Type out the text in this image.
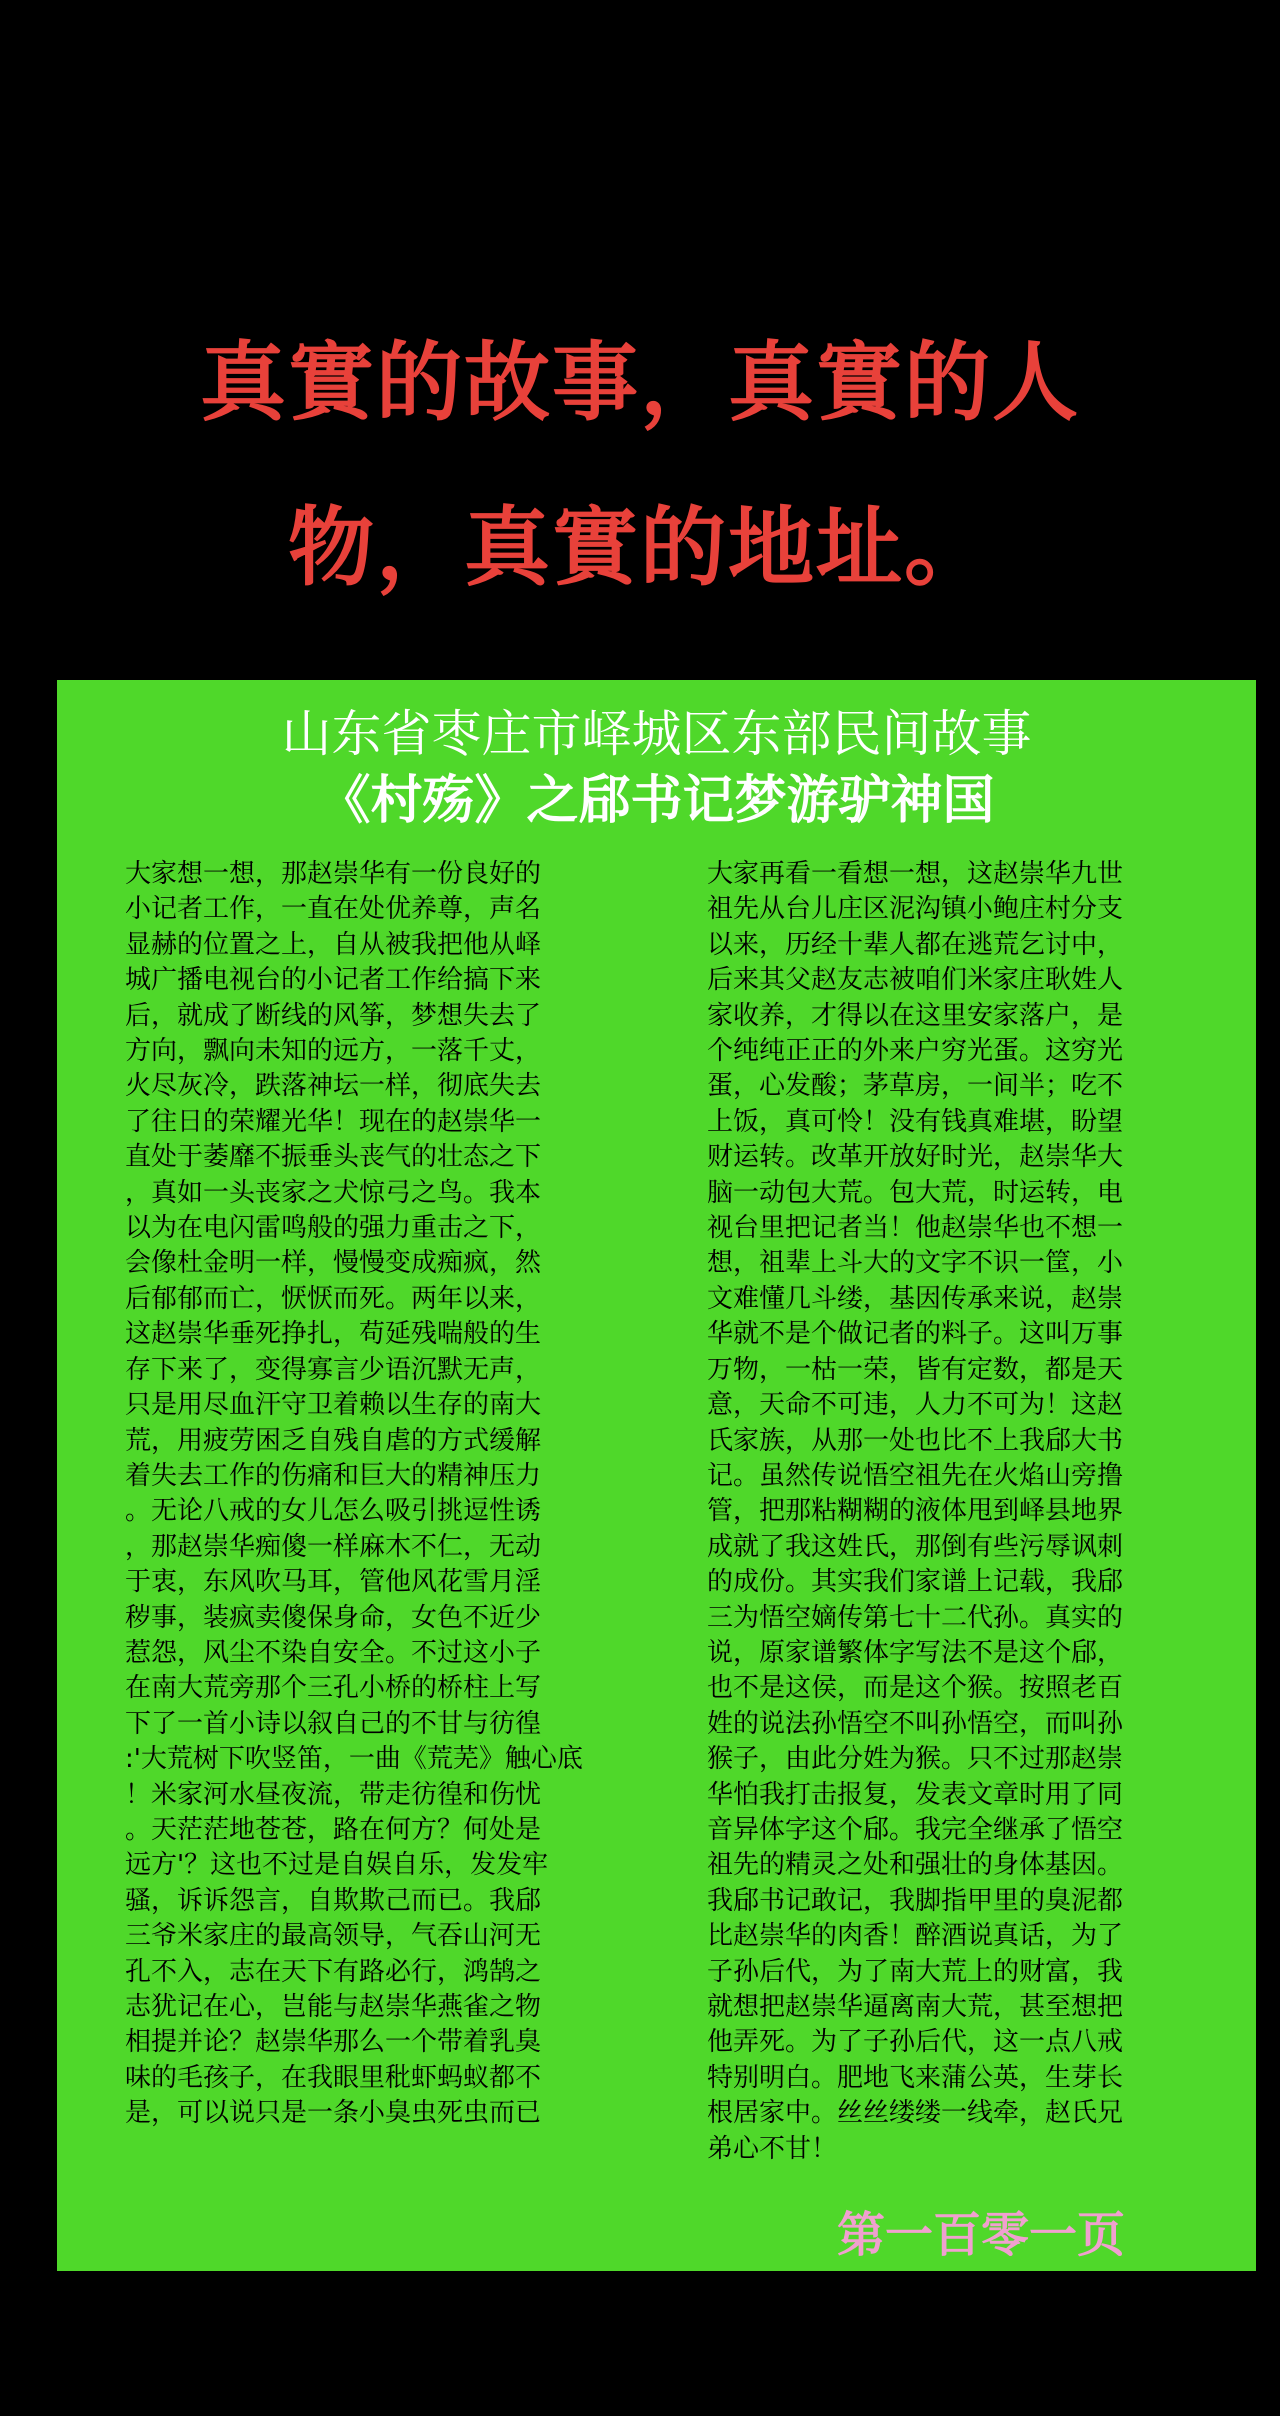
真實的故事，真實的人
物，真實的地址。
山东省枣庄市峄城区东部民间故事
《村殇》之郈书记梦游驴神国
大家想一想，那赵崇华有一份良好的
小记者工作，一直在处优养尊，声名
显赫的位置之上，自从被我把他从峄
城广播电视台的小记者工作给搞下来
后，就成了断线的风筝，梦想失去了
方向，飘向未知的远方，一落千丈，
火尽灰冷，跌落神坛一样，彻底失去
了往日的荣耀光华！现在的赵崇华一
直处于萎靡不振垂头丧气的壮态之下
，真如一头丧家之犬惊弓之鸟。我本
以为在电闪雷鸣般的强力重击之下，
会像杜金明一样，慢慢变成痴疯，然
后郁郁而亡，恹恹而死。两年以来，
这赵崇华垂死挣扎，苟延残喘般的生
存下来了，变得寡言少语沉默无声，
只是用尽血汗守卫着赖以生存的南大
荒，用疲劳困乏自残自虐的方式缓解
着失去工作的伤痛和巨大的精神压力
。无论八戒的女儿怎么吸引挑逗性诱
，那赵崇华痴傻一样麻木不仁，无动
于衷，东风吹马耳，管他风花雪月淫
秽事，装疯卖傻保身命，女色不近少
惹怨，风尘不染自安全。不过这小子
在南大荒旁那个三孔小桥的桥柱上写
下了一首小诗以叙自己的不甘与彷徨
:'大荒树下吹竖笛，一曲《荒芜》触心底
！米家河水昼夜流，带走彷徨和伤忧
。天茫茫地苍苍，路在何方？何处是
远方'？这也不过是自娱自乐，发发牢
骚，诉诉怨言，自欺欺己而已。我郈
三爷米家庄的最高领导，气吞山河无
孔不入，志在天下有路必行，鸿鹄之
志犹记在心，岂能与赵崇华燕雀之物
相提并论？赵崇华那么一个带着乳臭
味的毛孩子，在我眼里秕虾蚂蚁都不
是，可以说只是一条小臭虫死虫而已
大家再看一看想一想，这赵崇华九世
祖先从台儿庄区泥沟镇小鲍庄村分支
以来，历经十辈人都在逃荒乞讨中，
后来其父赵友志被咱们米家庄耿姓人
家收养，才得以在这里安家落户，是
个纯纯正正的外来户穷光蛋。这穷光
蛋，心发酸；茅草房，一间半；吃不
上饭，真可怜！没有钱真难堪，盼望
财运转。改革开放好时光，赵崇华大
脑一动包大荒。包大荒，时运转，电
视台里把记者当！他赵崇华也不想一
想，祖辈上斗大的文字不识一筐，小
文难懂几斗缕，基因传承来说，赵崇
华就不是个做记者的料子。这叫万事
万物，一枯一荣，皆有定数，都是天
意，天命不可违，人力不可为！这赵
氏家族，从那一处也比不上我郈大书
记。虽然传说悟空祖先在火焰山旁撸
管，把那粘糊糊的液体甩到峄县地界
成就了我这姓氏，那倒有些污辱讽刺
的成份。其实我们家谱上记载，我郈
三为悟空嫡传第七十二代孙。真实的
说，原家谱繁体字写法不是这个郈，
也不是这侯，而是这个猴。按照老百
姓的说法孙悟空不叫孙悟空，而叫孙
猴子，由此分姓为猴。只不过那赵崇
华怕我打击报复，发表文章时用了同
音异体字这个郈。我完全继承了悟空
祖先的精灵之处和强壮的身体基因。
我郈书记敢记，我脚指甲里的臭泥都
比赵崇华的肉香！醉酒说真话，为了
子孙后代，为了南大荒上的财富，我
就想把赵崇华逼离南大荒，甚至想把
他弄死。为了子孙后代，这一点八戒
特别明白。肥地飞来蒲公英，生芽长
根居家中。丝丝缕缕一线牵，赵氏兄
弟心不甘！
第一百零一页
